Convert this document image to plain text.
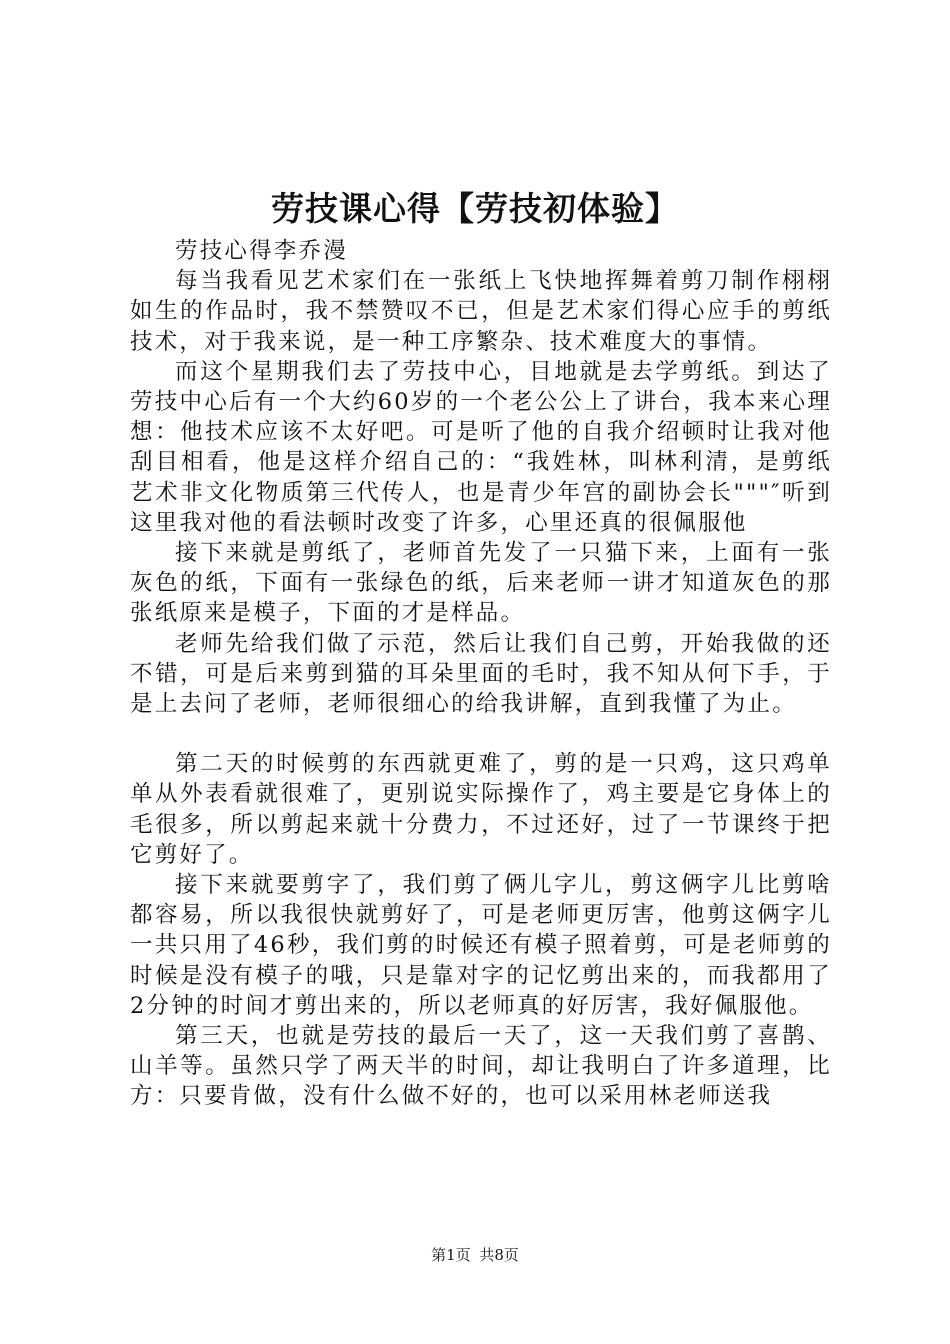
劳技课心得【劳技初体验】

劳技心得李乔漫

每当我看见艺术家们在一张纸上飞快地挥舞着剪刀制作栩栩如生的作品时，我不禁赞叹不已，但是艺术家们得心应手的剪纸技术，对于我来说，是一种工序繁杂、技术难度大的事情。

而这个星期我们去了劳技中心，目地就是去学剪纸。到达了劳技中心后有一个大约60岁的一个老公公上了讲台，我本来心理想：他技术应该不太好吧。可是听了他的自我介绍顿时让我对他刮目相看，他是这样介绍自己的：“我姓林，叫林利清，是剪纸艺术非文化物质第三代传人，也是青少年宫的副协会长"""″听到这里我对他的看法顿时改变了许多，心里还真的很佩服他

接下来就是剪纸了，老师首先发了一只猫下来，上面有一张灰色的纸，下面有一张绿色的纸，后来老师一讲才知道灰色的那张纸原来是模子，下面的才是样品。

老师先给我们做了示范，然后让我们自己剪，开始我做的还不错，可是后来剪到猫的耳朵里面的毛时，我不知从何下手，于是上去问了老师，老师很细心的给我讲解，直到我懂了为止。

第二天的时候剪的东西就更难了，剪的是一只鸡，这只鸡单单从外表看就很难了，更别说实际操作了，鸡主要是它身体上的毛很多，所以剪起来就十分费力，不过还好，过了一节课终于把它剪好了。

接下来就要剪字了，我们剪了俩儿字儿，剪这俩字儿比剪啥都容易，所以我很快就剪好了，可是老师更厉害，他剪这俩字儿一共只用了46秒，我们剪的时候还有模子照着剪，可是老师剪的时候是没有模子的哦，只是靠对字的记忆剪出来的，而我都用了2分钟的时间才剪出来的，所以老师真的好厉害，我好佩服他。

第三天，也就是劳技的最后一天了，这一天我们剪了喜鹊、山羊等。虽然只学了两天半的时间，却让我明白了许多道理，比方：只要肯做，没有什么做不好的，也可以采用林老师送我

第1页 共8页
